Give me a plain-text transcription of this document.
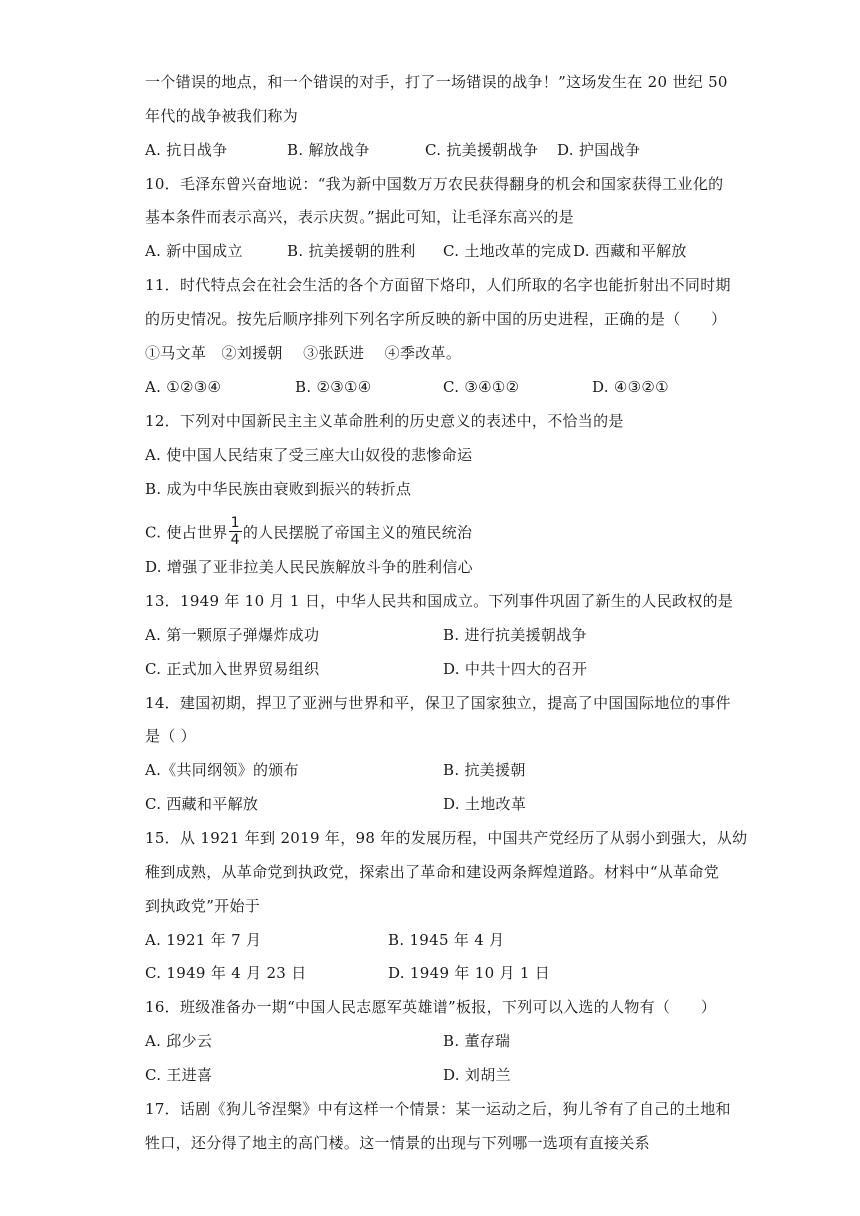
一个错误的地点，和一个错误的对手，打了一场错误的战争！”这场发生在 20 世纪 50
年代的战争被我们称为
A. 抗日战争	B. 解放战争	C. 抗美援朝战争 D. 护国战争
10．毛泽东曾兴奋地说：“我为新中国数万万农民获得翻身的机会和国家获得工业化的
基本条件而表示高兴，表示庆贺。”据此可知，让毛泽东高兴的是
A. 新中国成立	B. 抗美援朝的胜利 C. 土地改革的完成 D. 西藏和平解放
11．时代特点会在社会生活的各个方面留下烙印，人们所取的名字也能折射出不同时期
的历史情况。按先后顺序排列下列名字所反映的新中国的历史进程，正确的是（　　）
①马文革　②刘援朝　 ③张跃进　 ④季改革。
A. ①②③④	B. ②③①④	C. ③④①②	D. ④③②①
12．下列对中国新民主主义革命胜利的历史意义的表述中，不恰当的是
A. 使中国人民结束了受三座大山奴役的悲惨命运
B. 成为中华民族由衰败到振兴的转折点
C. 使占世界 $\frac{1}{4}$ 的人民摆脱了帝国主义的殖民统治
D. 增强了亚非拉美人民民族解放斗争的胜利信心
13．1949 年 10 月 1 日，中华人民共和国成立。下列事件巩固了新生的人民政权的是
A. 第一颗原子弹爆炸成功	B. 进行抗美援朝战争
C. 正式加入世界贸易组织	D. 中共十四大的召开
14．建国初期，捍卫了亚洲与世界和平，保卫了国家独立，提高了中国国际地位的事件
是（ ）
A.《共同纲领》的颁布	B. 抗美援朝
C. 西藏和平解放	D. 土地改革
15．从 1921 年到 2019 年，98 年的发展历程，中国共产党经历了从弱小到强大，从幼
稚到成熟，从革命党到执政党，探索出了革命和建设两条辉煌道路。材料中“从革命党
到执政党”开始于
A. 1921 年 7 月	B. 1945 年 4 月
C. 1949 年 4 月 23 日	D. 1949 年 10 月 1 日
16．班级准备办一期“中国人民志愿军英雄谱”板报，下列可以入选的人物有（　　）
A. 邱少云	B. 董存瑞
C. 王进喜	D. 刘胡兰
17．话剧《狗儿爷涅槃》中有这样一个情景：某一运动之后，狗儿爷有了自己的土地和
牲口，还分得了地主的高门楼。这一情景的出现与下列哪一选项有直接关系
